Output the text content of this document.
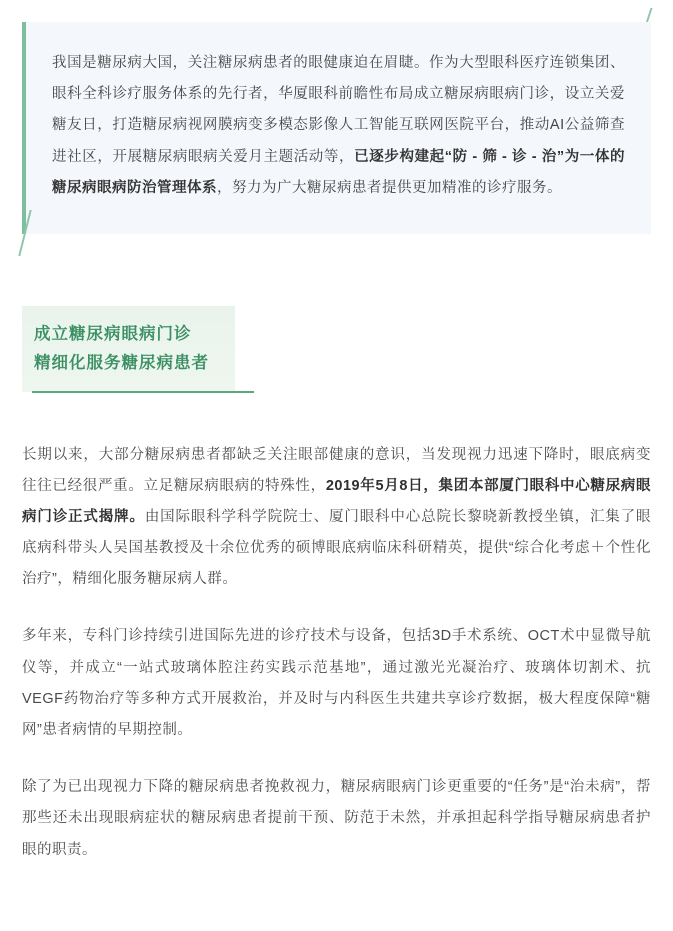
我国是糖尿病大国，关注糖尿病患者的眼健康迫在眉睫。作为大型眼科医疗连锁集团、眼科全科诊疗服务体系的先行者，华厦眼科前瞻性布局成立糖尿病眼病门诊，设立关爱糖友日，打造糖尿病视网膜病变多模态影像人工智能互联网医院平台，推动AI公益筛查进社区，开展糖尿病眼病关爱月主题活动等，已逐步构建起“防 - 筛 - 诊 - 治”为一体的糖尿病眼病防治管理体系，努力为广大糖尿病患者提供更加精准的诊疗服务。

成立糖尿病眼病门诊
精细化服务糖尿病患者

长期以来，大部分糖尿病患者都缺乏关注眼部健康的意识，当发现视力迅速下降时，眼底病变往往已经很严重。立足糖尿病眼病的特殊性，2019年5月8日，集团本部厦门眼科中心糖尿病眼病门诊正式揭牌。由国际眼科学科学院院士、厦门眼科中心总院长黎晓新教授坐镇，汇集了眼底病科带头人吴国基教授及十余位优秀的硕博眼底病临床科研精英，提供“综合化考虑＋个性化治疗”，精细化服务糖尿病人群。

多年来，专科门诊持续引进国际先进的诊疗技术与设备，包括3D手术系统、OCT术中显微导航仪等，并成立“一站式玻璃体腔注药实践示范基地”，通过激光光凝治疗、玻璃体切割术、抗VEGF药物治疗等多种方式开展救治，并及时与内科医生共建共享诊疗数据，极大程度保障“糖网”患者病情的早期控制。

除了为已出现视力下降的糖尿病患者挽救视力，糖尿病眼病门诊更重要的“任务”是“治未病”，帮那些还未出现眼病症状的糖尿病患者提前干预、防范于未然，并承担起科学指导糖尿病患者护眼的职责。
